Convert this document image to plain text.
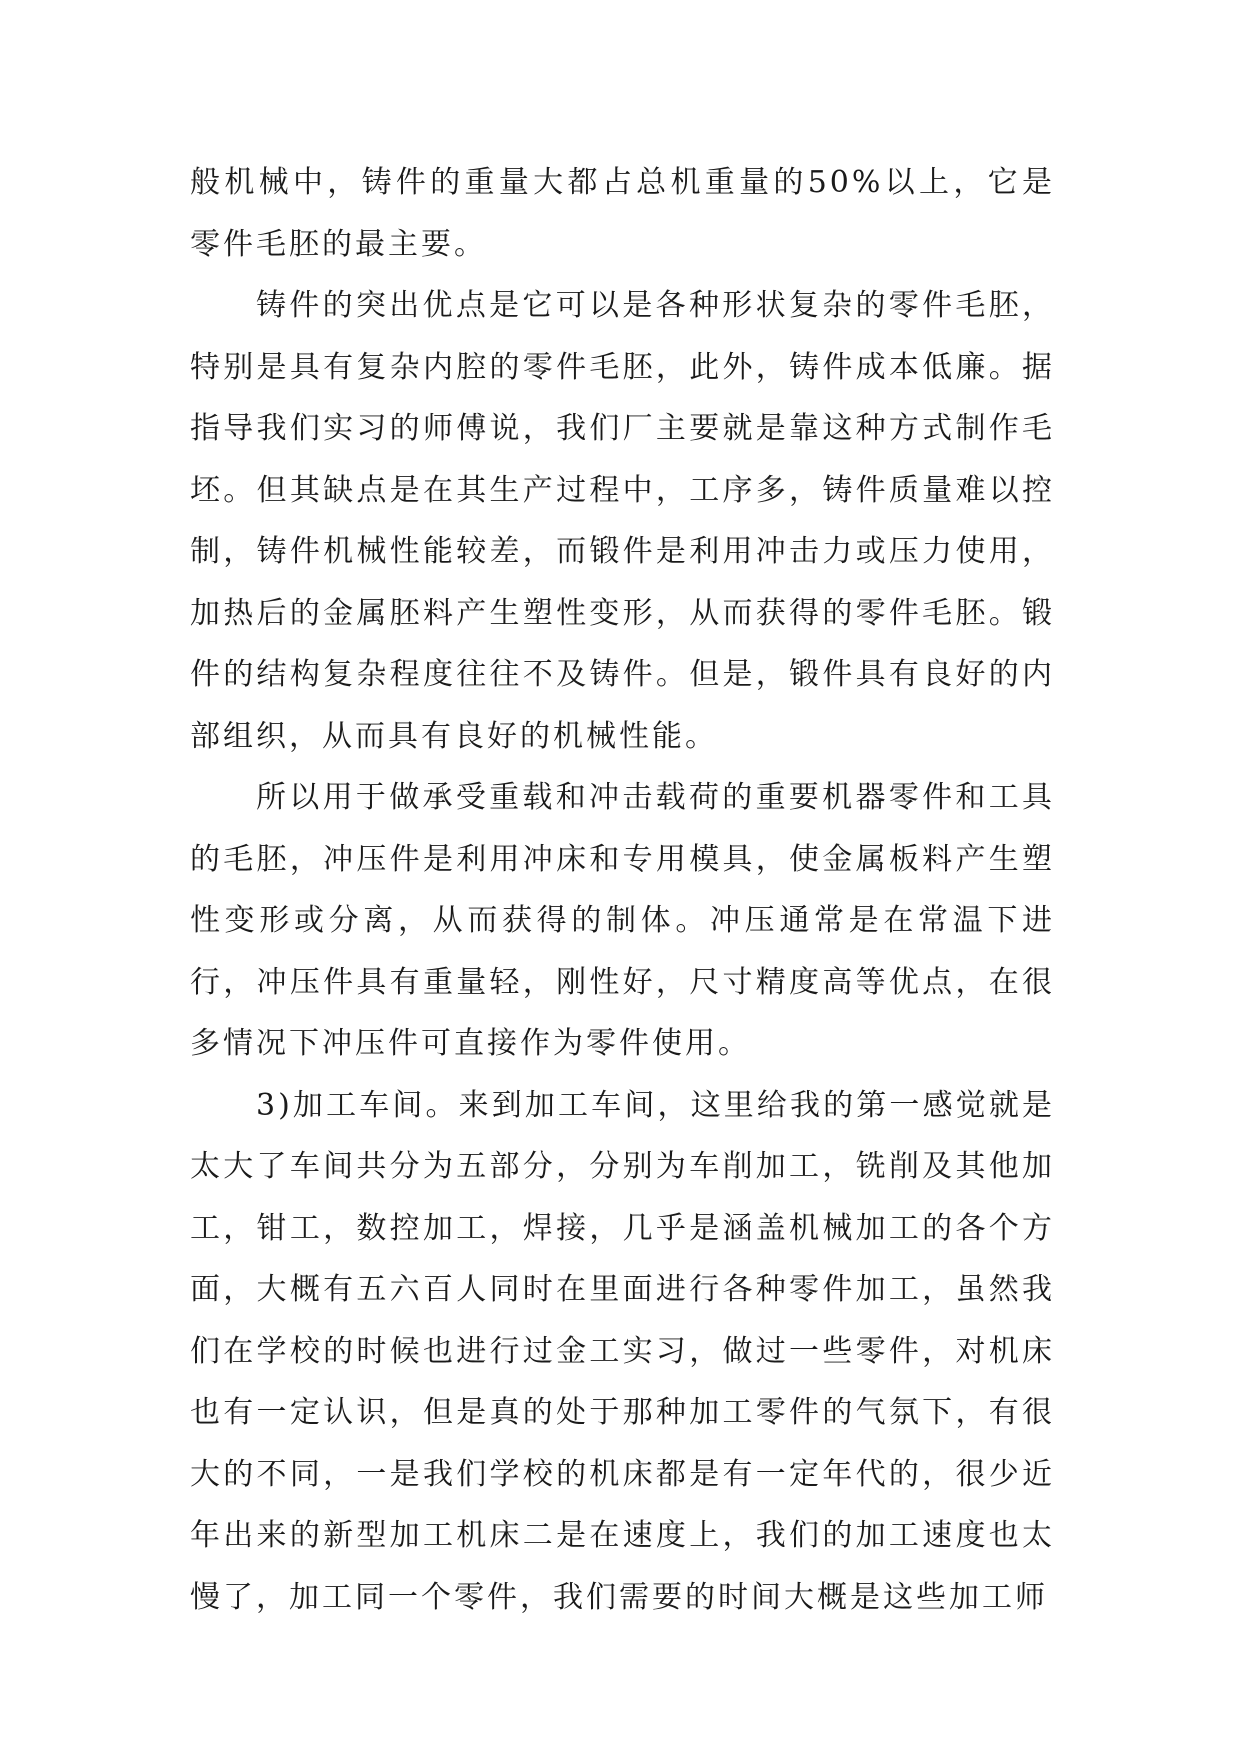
般机械中，铸件的重量大都占总机重量的50%以上，它是零件毛胚的最主要。

铸件的突出优点是它可以是各种形状复杂的零件毛胚，特别是具有复杂内腔的零件毛胚，此外，铸件成本低廉。据指导我们实习的师傅说，我们厂主要就是靠这种方式制作毛坯。但其缺点是在其生产过程中，工序多，铸件质量难以控制，铸件机械性能较差，而锻件是利用冲击力或压力使用，加热后的金属胚料产生塑性变形，从而获得的零件毛胚。锻件的结构复杂程度往往不及铸件。但是，锻件具有良好的内部组织，从而具有良好的机械性能。

所以用于做承受重载和冲击载荷的重要机器零件和工具的毛胚，冲压件是利用冲床和专用模具，使金属板料产生塑性变形或分离，从而获得的制体。冲压通常是在常温下进行，冲压件具有重量轻，刚性好，尺寸精度高等优点，在很多情况下冲压件可直接作为零件使用。

3)加工车间。来到加工车间，这里给我的第一感觉就是太大了车间共分为五部分，分别为车削加工，铣削及其他加工，钳工，数控加工，焊接，几乎是涵盖机械加工的各个方面，大概有五六百人同时在里面进行各种零件加工，虽然我们在学校的时候也进行过金工实习，做过一些零件，对机床也有一定认识，但是真的处于那种加工零件的气氛下，有很大的不同，一是我们学校的机床都是有一定年代的，很少近年出来的新型加工机床二是在速度上，我们的加工速度也太慢了，加工同一个零件，我们需要的时间大概是这些加工师
